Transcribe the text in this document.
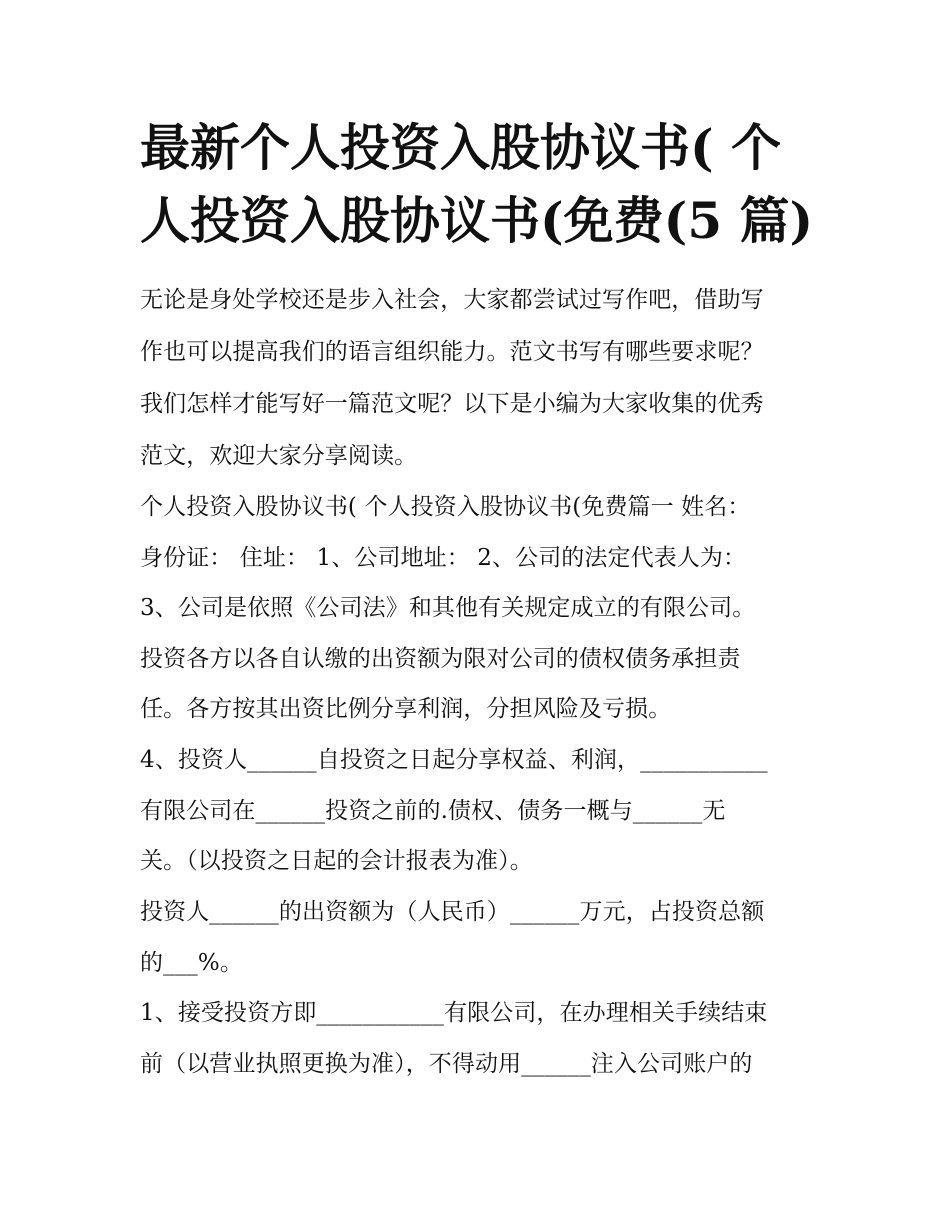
最新个人投资入股协议书( 个
人投资入股协议书(免费(5 篇)

无论是身处学校还是步入社会，大家都尝试过写作吧，借助写

作也可以提高我们的语言组织能力。范文书写有哪些要求呢？

我们怎样才能写好一篇范文呢？以下是小编为大家收集的优秀

范文，欢迎大家分享阅读。

个人投资入股协议书( 个人投资入股协议书(免费篇一 姓名：

身份证： 住址： 1、公司地址： 2、公司的法定代表人为：

3、公司是依照《公司法》和其他有关规定成立的有限公司。

投资各方以各自认缴的出资额为限对公司的债权债务承担责

任。各方按其出资比例分享利润，分担风险及亏损。

4、投资人______自投资之日起分享权益、利润，___________

有限公司在______投资之前的.债权、债务一概与______无

关。（以投资之日起的会计报表为准）。

投资人______的出资额为（人民币）______万元，占投资总额

的___%。

1、接受投资方即___________有限公司，在办理相关手续结束

前（以营业执照更换为准），不得动用______注入公司账户的
